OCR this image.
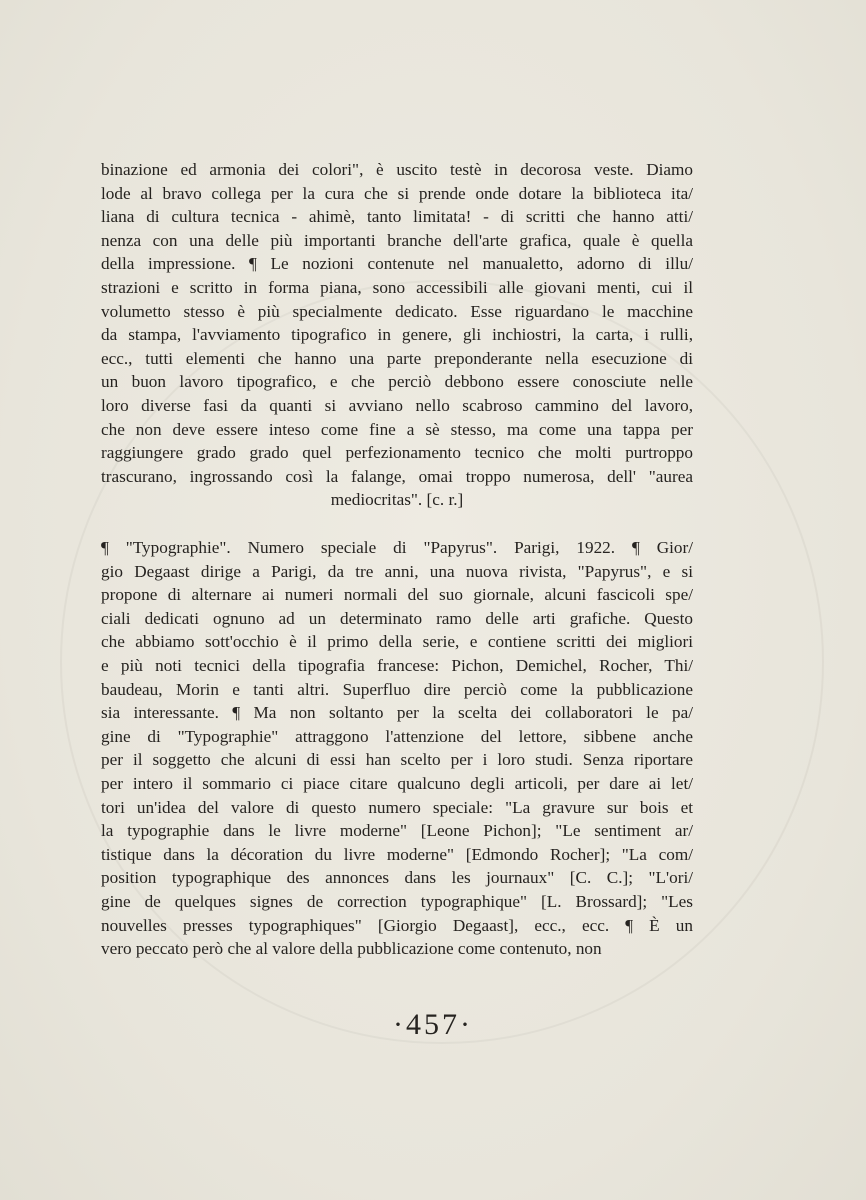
binazione ed armonia dei colori", è uscito testè in decorosa veste. Diamo
lode al bravo collega per la cura che si prende onde dotare la biblioteca ita/
liana di cultura tecnica - ahimè, tanto limitata! - di scritti che hanno atti/
nenza con una delle più importanti branche dell'arte grafica, quale è quella
della impressione. ¶ Le nozioni contenute nel manualetto, adorno di illu/
strazioni e scritto in forma piana, sono accessibili alle giovani menti, cui il
volumetto stesso è più specialmente dedicato. Esse riguardano le macchine
da stampa, l'avviamento tipografico in genere, gli inchiostri, la carta, i rulli,
ecc., tutti elementi che hanno una parte preponderante nella esecuzione di
un buon lavoro tipografico, e che perciò debbono essere conosciute nelle
loro diverse fasi da quanti si avviano nello scabroso cammino del lavoro,
che non deve essere inteso come fine a sè stesso, ma come una tappa per
raggiungere grado grado quel perfezionamento tecnico che molti purtroppo
trascurano, ingrossando così la falange, omai troppo numerosa, dell' "aurea
mediocritas". [c. r.]
¶ "Typographie". Numero speciale di "Papyrus". Parigi, 1922. ¶ Gior/
gio Degaast dirige a Parigi, da tre anni, una nuova rivista, "Papyrus", e si
propone di alternare ai numeri normali del suo giornale, alcuni fascicoli spe/
ciali dedicati ognuno ad un determinato ramo delle arti grafiche. Questo
che abbiamo sott'occhio è il primo della serie, e contiene scritti dei migliori
e più noti tecnici della tipografia francese: Pichon, Demichel, Rocher, Thi/
baudeau, Morin e tanti altri. Superfluo dire perciò come la pubblicazione
sia interessante. ¶ Ma non soltanto per la scelta dei collaboratori le pa/
gine di "Typographie" attraggono l'attenzione del lettore, sibbene anche
per il soggetto che alcuni di essi han scelto per i loro studi. Senza riportare
per intero il sommario ci piace citare qualcuno degli articoli, per dare ai let/
tori un'idea del valore di questo numero speciale: "La gravure sur bois et
la typographie dans le livre moderne" [Leone Pichon]; "Le sentiment ar/
tistique dans la décoration du livre moderne" [Edmondo Rocher]; "La com/
position typographique des annonces dans les journaux" [C. C.]; "L'ori/
gine de quelques signes de correction typographique" [L. Brossard]; "Les
nouvelles presses typographiques" [Giorgio Degaast], ecc., ecc. ¶ È un
vero peccato però che al valore della pubblicazione come contenuto, non
·457·
